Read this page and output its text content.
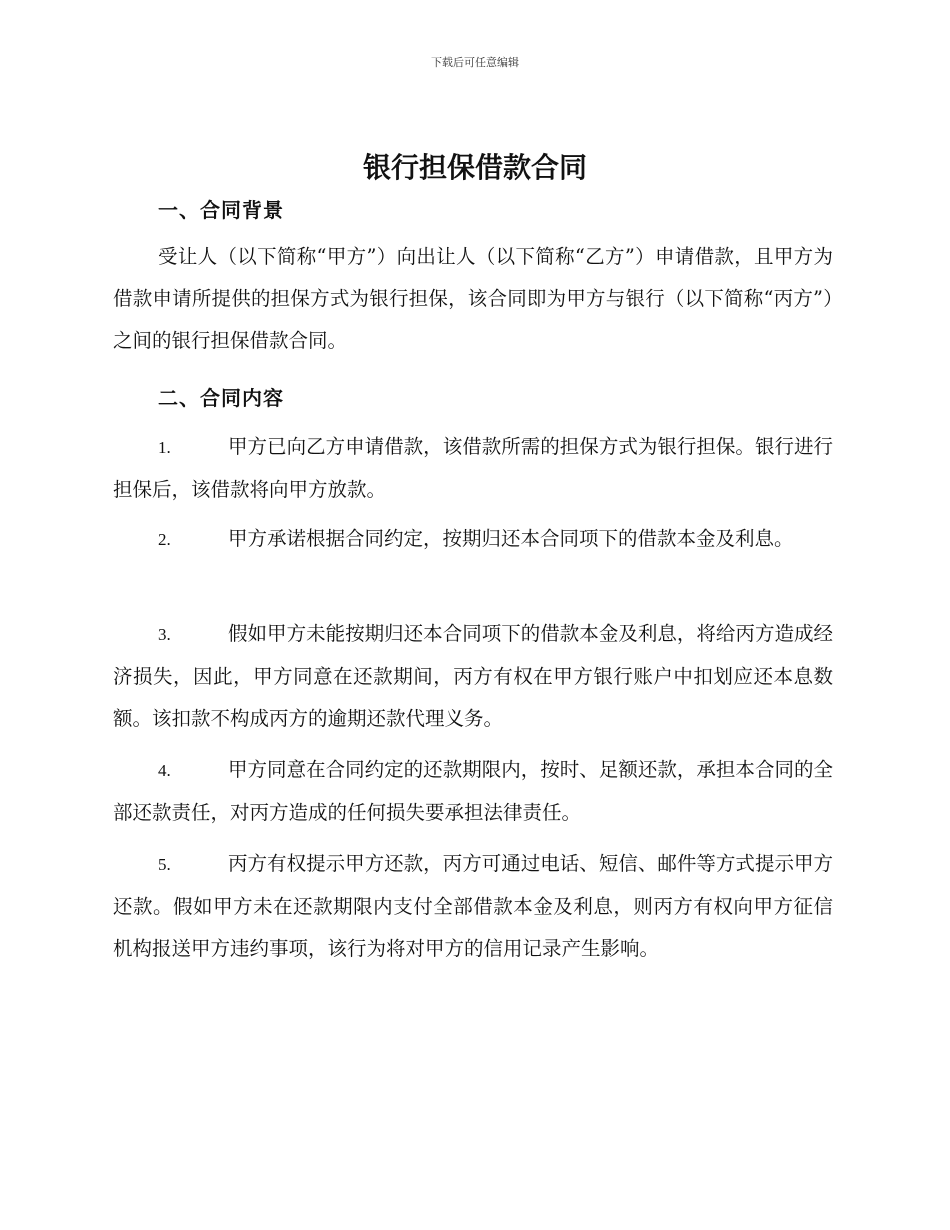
下载后可任意编辑
银行担保借款合同
一、合同背景

受让人（以下简称“甲方”）向出让人（以下简称“乙方”）申请借款，且甲方为借款申请所提供的担保方式为银行担保，该合同即为甲方与银行（以下简称“丙方”）之间的银行担保借款合同。

二、合同内容

1.	甲方已向乙方申请借款，该借款所需的担保方式为银行担保。银行进行担保后，该借款将向甲方放款。

2.	甲方承诺根据合同约定，按期归还本合同项下的借款本金及利息。

3.	假如甲方未能按期归还本合同项下的借款本金及利息，将给丙方造成经济损失，因此，甲方同意在还款期间，丙方有权在甲方银行账户中扣划应还本息数额。该扣款不构成丙方的逾期还款代理义务。

4.	甲方同意在合同约定的还款期限内，按时、足额还款，承担本合同的全部还款责任，对丙方造成的任何损失要承担法律责任。

5.	丙方有权提示甲方还款，丙方可通过电话、短信、邮件等方式提示甲方还款。假如甲方未在还款期限内支付全部借款本金及利息，则丙方有权向甲方征信机构报送甲方违约事项，该行为将对甲方的信用记录产生影响。
